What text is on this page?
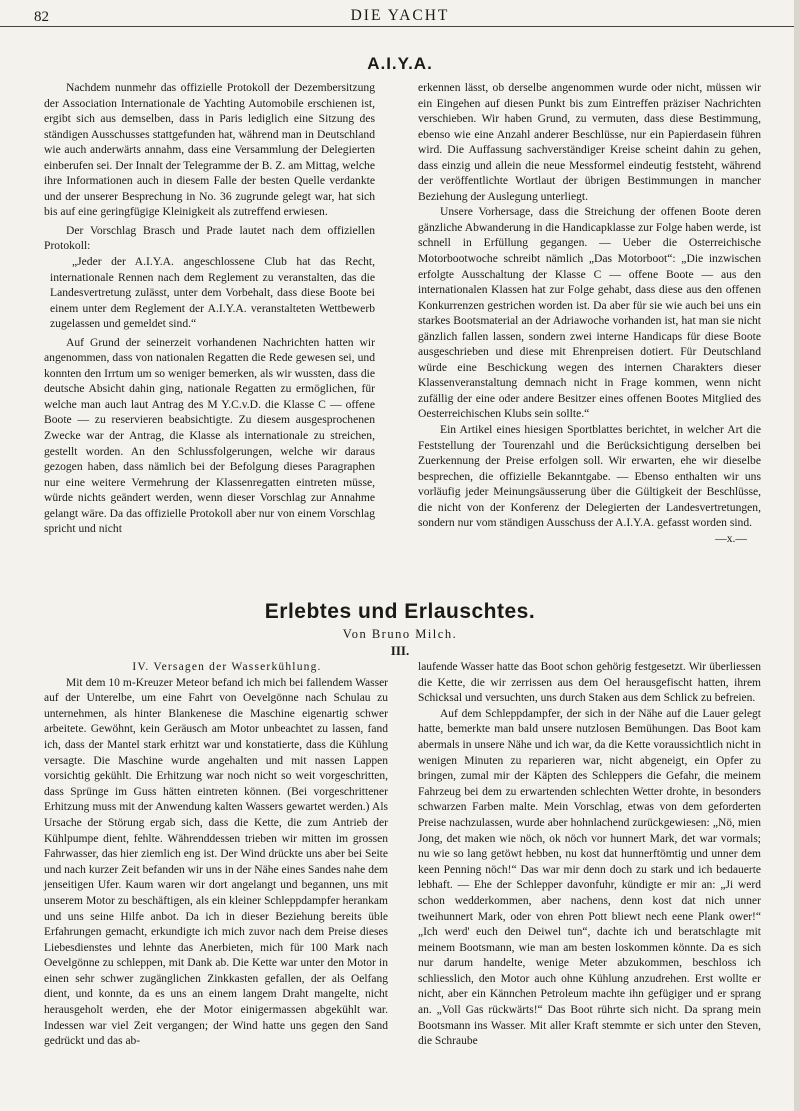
82	DIE YACHT
A.I.Y.A.

Nachdem nunmehr das offizielle Protokoll der Dezembersitzung der Association Internationale de Yachting Automobile erschienen ist, ergibt sich aus demselben, dass in Paris lediglich eine Sitzung des ständigen Ausschusses stattgefunden hat, während man in Deutschland wie auch anderwärts annahm, dass eine Versammlung der Delegierten einberufen sei. Der Innalt der Telegramme der B. Z. am Mittag, welche ihre Informationen auch in diesem Falle der besten Quelle verdankte und der unserer Besprechung in No. 36 zugrunde gelegt war, hat sich bis auf eine geringfügige Kleinigkeit als zutreffend erwiesen.

Der Vorschlag Brasch und Prade lautet nach dem offiziellen Protokoll:

„Jeder der A.I.Y.A. angeschlossene Club hat das Recht, internationale Rennen nach dem Reglement zu veranstalten, das die Landesvertretung zulässt, unter dem Vorbehalt, dass diese Boote bei einem unter dem Reglement der A.I.Y.A. veranstalteten Wettbewerb zugelassen und gemeldet sind.“

Auf Grund der seinerzeit vorhandenen Nachrichten hatten wir angenommen, dass von nationalen Regatten die Rede gewesen sei, und konnten den Irrtum um so weniger bemerken, als wir wussten, dass die deutsche Absicht dahin ging, nationale Regatten zu ermöglichen, für welche man auch laut Antrag des M Y.C.v.D. die Klasse C — offene Boote — zu reservieren beabsichtigte. Zu diesem ausgesprochenen Zwecke war der Antrag, die Klasse als internationale zu streichen, gestellt worden. An den Schlussfolgerungen, welche wir daraus gezogen haben, dass nämlich bei der Befolgung dieses Paragraphen nur eine weitere Vermehrung der Klassenregatten eintreten müsse, würde nichts geändert werden, wenn dieser Vorschlag zur Annahme gelangt wäre. Da das offizielle Protokoll aber nur von einem Vorschlag spricht und nicht

erkennen lässt, ob derselbe angenommen wurde oder nicht, müssen wir ein Eingehen auf diesen Punkt bis zum Eintreffen präziser Nachrichten verschieben. Wir haben Grund, zu vermuten, dass diese Bestimmung, ebenso wie eine Anzahl anderer Beschlüsse, nur ein Papierdasein führen wird. Die Auffassung sachverständiger Kreise scheint dahin zu gehen, dass einzig und allein die neue Messformel eindeutig feststeht, während der veröffentlichte Wortlaut der übrigen Bestimmungen in mancher Beziehung der Auslegung unterliegt.

Unsere Vorhersage, dass die Streichung der offenen Boote deren gänzliche Abwanderung in die Handicapklasse zur Folge haben werde, ist schnell in Erfüllung gegangen. — Ueber die Osterreichische Motorbootwoche schreibt nämlich „Das Motorboot“: „Die inzwischen erfolgte Ausschaltung der Klasse C — offene Boote — aus den internationalen Klassen hat zur Folge gehabt, dass diese aus den offenen Konkurrenzen gestrichen worden ist. Da aber für sie wie auch bei uns ein starkes Bootsmaterial an der Adriawoche vorhanden ist, hat man sie nicht gänzlich fallen lassen, sondern zwei interne Handicaps für diese Boote ausgeschrieben und diese mit Ehrenpreisen dotiert. Für Deutschland würde eine Beschickung wegen des internen Charakters dieser Klassenveranstaltung demnach nicht in Frage kommen, wenn nicht zufällig der eine oder andere Besitzer eines offenen Bootes Mitglied des Oesterreichischen Klubs sein sollte.“

Ein Artikel eines hiesigen Sportblattes berichtet, in welcher Art die Feststellung der Tourenzahl und die Berücksichtigung derselben bei Zuerkennung der Preise erfolgen soll. Wir erwarten, ehe wir dieselbe besprechen, die offizielle Bekanntgabe. — Ebenso enthalten wir uns vorläufig jeder Meinungsäusserung über die Gültigkeit der Beschlüsse, die nicht von der Konferenz der Delegierten der Landesvertretungen, sondern nur vom ständigen Ausschuss der A.I.Y.A. gefasst worden sind.

—x.—

Erlebtes und Erlauschtes.
Von Bruno Milch.
III.

IV. Versagen der Wasserkühlung.

Mit dem 10 m-Kreuzer Meteor befand ich mich bei fallendem Wasser auf der Unterelbe, um eine Fahrt von Oevelgönne nach Schulau zu unternehmen, als hinter Blankenese die Maschine eigenartig schwer arbeitete. Gewöhnt, kein Geräusch am Motor unbeachtet zu lassen, fand ich, dass der Mantel stark erhitzt war und konstatierte, dass die Kühlung versagte. Die Maschine wurde angehalten und mit nassen Lappen vorsichtig gekühlt. Die Erhitzung war noch nicht so weit vorgeschritten, dass Sprünge im Guss hätten eintreten können. (Bei vorgeschrittener Erhitzung muss mit der Anwendung kalten Wassers gewartet werden.) Als Ursache der Störung ergab sich, dass die Kette, die zum Antrieb der Kühlpumpe dient, fehlte. Währenddessen trieben wir mitten im grossen Fahrwasser, das hier ziemlich eng ist. Der Wind drückte uns aber bei Seite und nach kurzer Zeit befanden wir uns in der Nähe eines Sandes nahe dem jenseitigen Ufer. Kaum waren wir dort angelangt und begannen, uns mit unserem Motor zu beschäftigen, als ein kleiner Schleppdampfer herankam und uns seine Hilfe anbot. Da ich in dieser Beziehung bereits üble Erfahrungen gemacht, erkundigte ich mich zuvor nach dem Preise dieses Liebesdienstes und lehnte das Anerbieten, mich für 100 Mark nach Oevelgönne zu schleppen, mit Dank ab. Die Kette war unter den Motor in einen sehr schwer zugänglichen Zinkkasten gefallen, der als Oelfang dient, und konnte, da es uns an einem langem Draht mangelte, nicht herausgeholt werden, ehe der Motor einigermassen abgekühlt war. Indessen war viel Zeit vergangen; der Wind hatte uns gegen den Sand gedrückt und das ab-

laufende Wasser hatte das Boot schon gehörig festgesetzt. Wir überliessen die Kette, die wir zerrissen aus dem Oel herausgefischt hatten, ihrem Schicksal und versuchten, uns durch Staken aus dem Schlick zu befreien.

Auf dem Schleppdampfer, der sich in der Nähe auf die Lauer gelegt hatte, bemerkte man bald unsere nutzlosen Bemühungen. Das Boot kam abermals in unsere Nähe und ich war, da die Kette voraussichtlich nicht in wenigen Minuten zu reparieren war, nicht abgeneigt, ein Opfer zu bringen, zumal mir der Käpten des Schleppers die Gefahr, die meinem Fahrzeug bei dem zu erwartenden schlechten Wetter drohte, in besonders schwarzen Farben malte. Mein Vorschlag, etwas von dem geforderten Preise nachzulassen, wurde aber hohnlachend zurückgewiesen: „Nö, mien Jong, det maken wie nöch, ok nöch vor hunnert Mark, det war vormals; nu wie so lang getöwt hebben, nu kost dat hunnerftömtig und unner dem keen Penning nöch!“ Das war mir denn doch zu stark und ich bedauerte lebhaft. — Ehe der Schlepper davonfuhr, kündigte er mir an: „Ji werd schon wedderkommen, aber nachens, denn kost dat nich unner tweihunnert Mark, oder von ehren Pott bliewt nech eene Plank ower!“ „Ich werd' euch den Deiwel tun“, dachte ich und beratschlagte mit meinem Bootsmann, wie man am besten loskommen könnte. Da es sich nur darum handelte, wenige Meter abzukommen, beschloss ich schliesslich, den Motor auch ohne Kühlung anzudrehen. Erst wollte er nicht, aber ein Kännchen Petroleum machte ihn gefügiger und er sprang an. „Voll Gas rückwärts!“ Das Boot rührte sich nicht. Da sprang mein Bootsmann ins Wasser. Mit aller Kraft stemmte er sich unter den Steven, die Schraube
